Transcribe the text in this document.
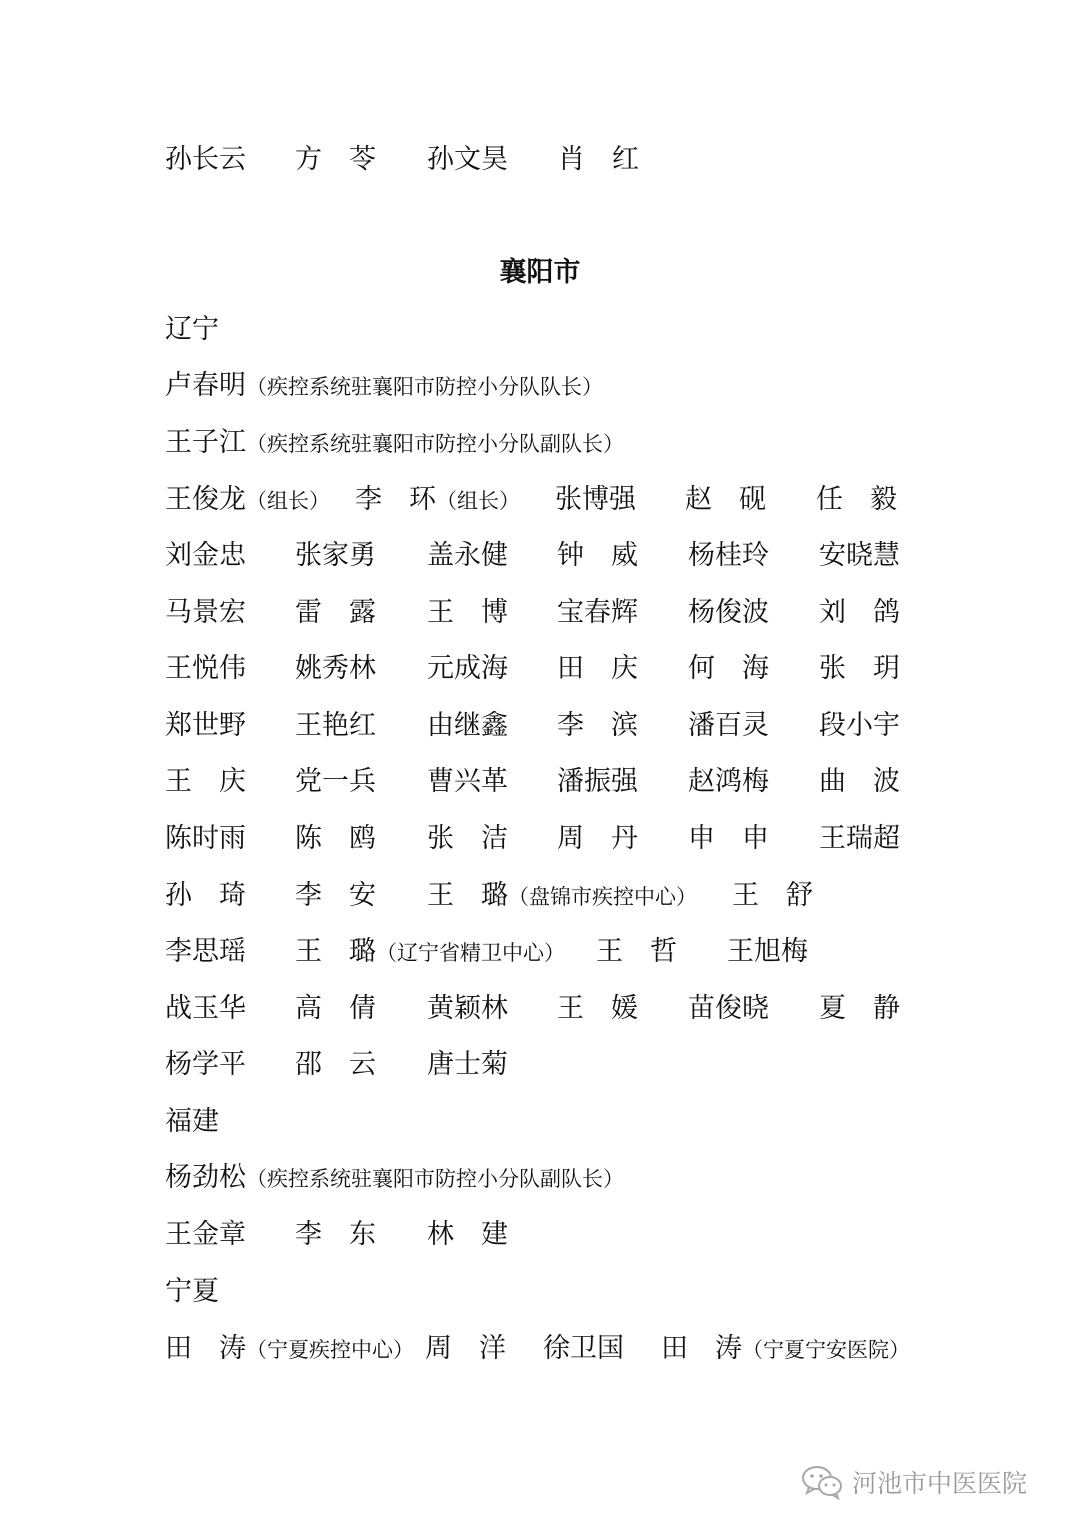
孙长云 方　苓 孙文昊 肖　红
襄阳市
辽宁
卢春明（疾控系统驻襄阳市防控小分队队长）
王子江（疾控系统驻襄阳市防控小分队副队长）
王俊龙（组长） 李　环（组长） 张博强 赵　砚 任　毅
刘金忠 张家勇 盖永健 钟　威 杨桂玲 安晓慧
马景宏 雷　露 王　博 宝春辉 杨俊波 刘　鸽
王悦伟 姚秀林 元成海 田　庆 何　海 张　玥
郑世野 王艳红 由继鑫 李　滨 潘百灵 段小宇
王　庆 党一兵 曹兴革 潘振强 赵鸿梅 曲　波
陈时雨 陈　鸥 张　洁 周　丹 申　申 王瑞超
孙　琦 李　安 王　璐（盘锦市疾控中心） 王　舒
李思瑶 王　璐（辽宁省精卫中心） 王　哲 王旭梅
战玉华 高　倩 黄颖林 王　媛 苗俊晓 夏　静
杨学平 邵　云 唐士菊
福建
杨劲松（疾控系统驻襄阳市防控小分队副队长）
王金章 李　东 林　建
宁夏
田　涛（宁夏疾控中心） 周　洋 徐卫国 田　涛（宁夏宁安医院）
河池市中医医院
